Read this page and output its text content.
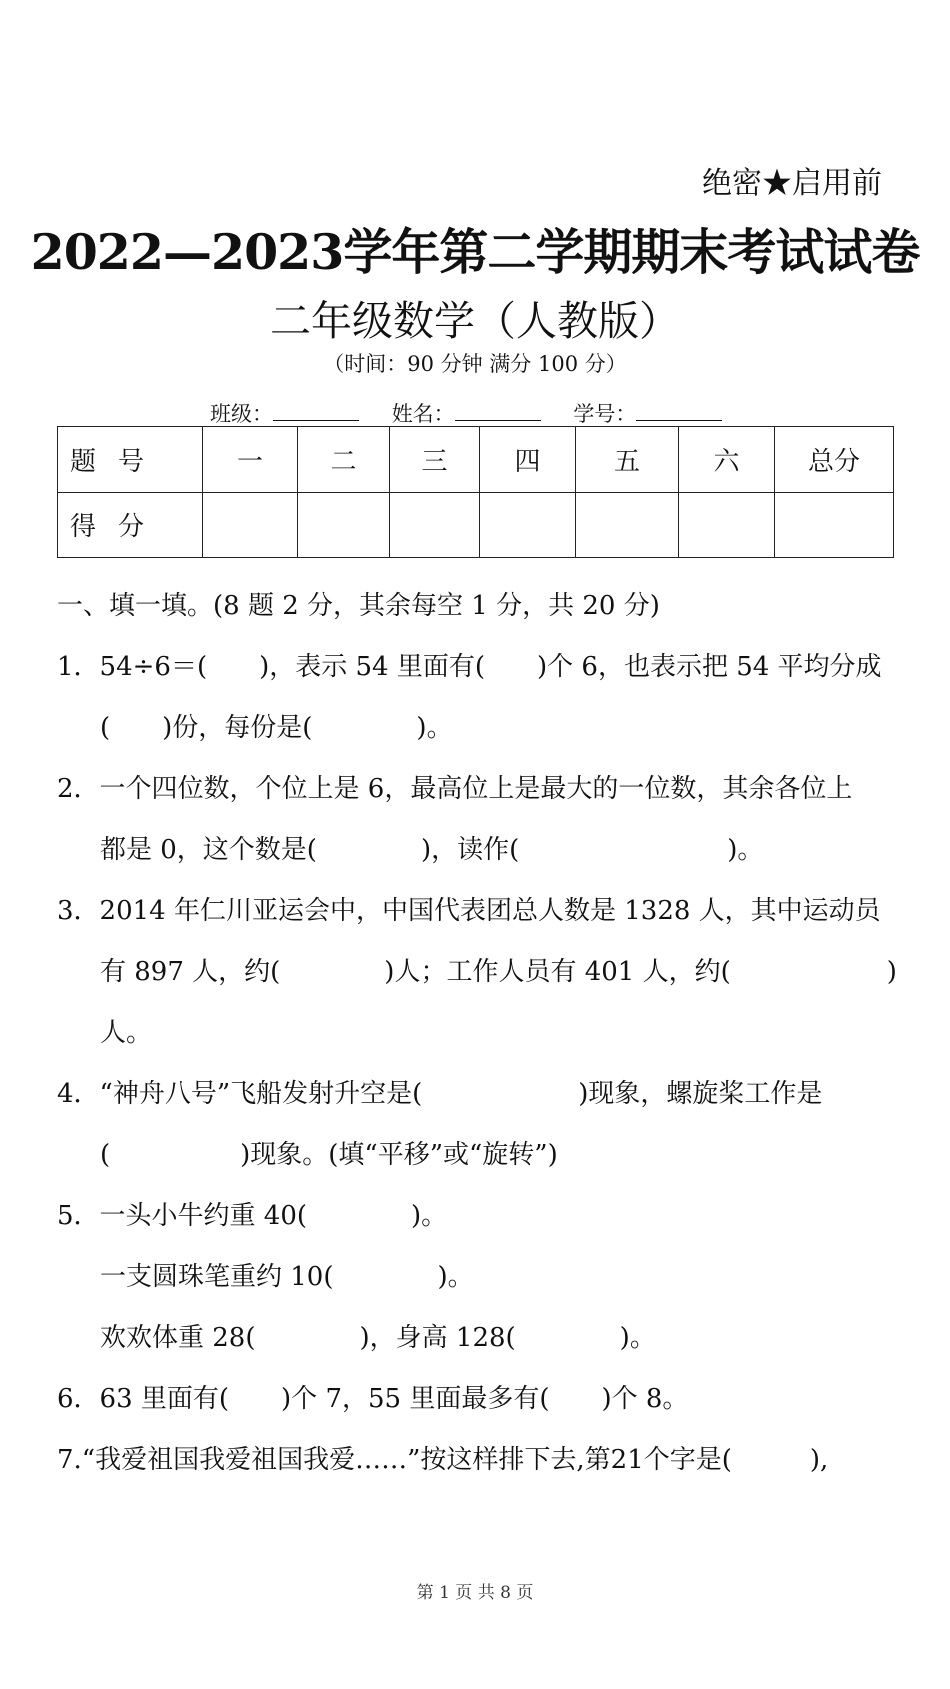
绝密★启用前
2022—2023学年第二学期期末考试试卷
二年级数学（人教版）
（时间：90 分钟 满分 100 分）
班级：	姓名：	学号：
题号	一	二	三	四	五	六	总分
得分							
一、填一填。(8 题 2 分，其余每空 1 分，共 20 分)
1．54÷6＝(　　)，表示 54 里面有(　　)个 6，也表示把 54 平均分成
(　　)份，每份是(　　　　)。
2．一个四位数，个位上是 6，最高位上是最大的一位数，其余各位上
都是 0，这个数是(　　　　)，读作(　　　　　　　　)。
3．2014 年仁川亚运会中，中国代表团总人数是 1328 人，其中运动员
有 897 人，约(　　　　)人；工作人员有 401 人，约(　　　　　　)
人。
4．“神舟八号”飞船发射升空是(　　　　　　)现象，螺旋桨工作是
(　　　　　)现象。(填“平移”或“旋转”)
5．一头小牛约重 40(　　　　)。
一支圆珠笔重约 10(　　　　)。
欢欢体重 28(　　　　)，身高 128(　　　　)。
6．63 里面有(　　)个 7，55 里面最多有(　　)个 8。
7.“我爱祖国我爱祖国我爱……”按这样排下去,第21个字是(　　　),
第 1 页 共 8 页
